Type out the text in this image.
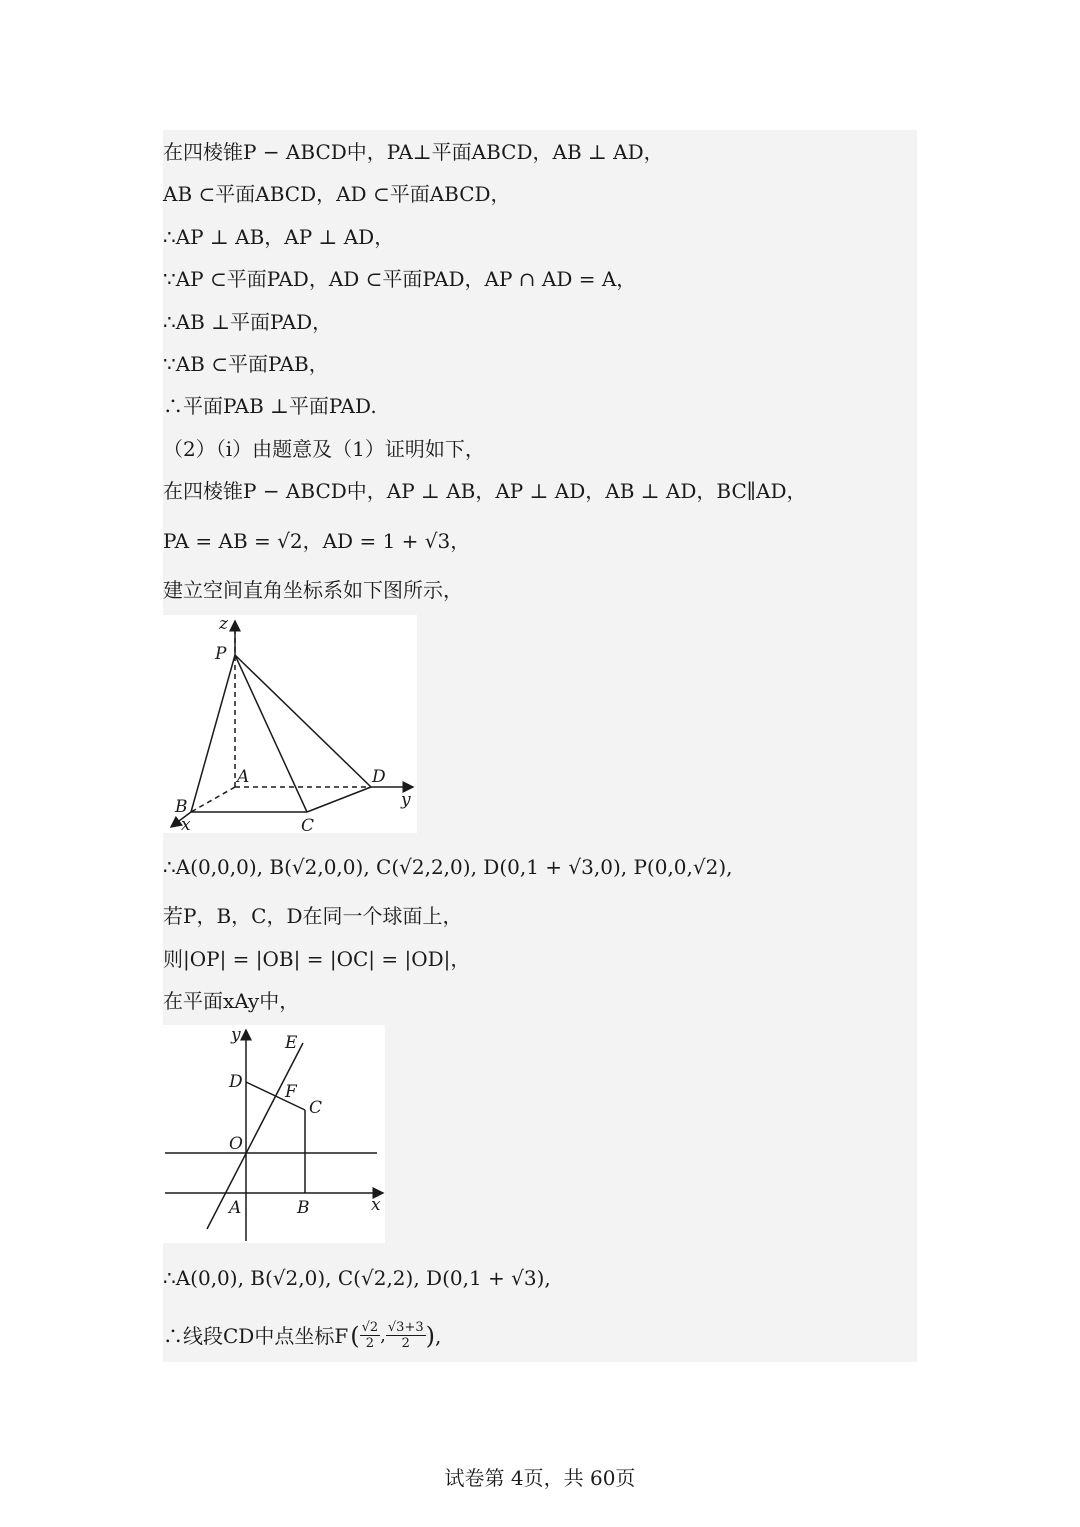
在四棱锥P − ABCD中，PA⊥平面ABCD，AB ⊥ AD，
AB ⊂平面ABCD，AD ⊂平面ABCD，
∴AP ⊥ AB，AP ⊥ AD，
∵AP ⊂平面PAD，AD ⊂平面PAD，AP ∩ AD = A，
∴AB ⊥平面PAD，
∵AB ⊂平面PAB，
∴平面PAB ⊥平面PAD.
（2）（i）由题意及（1）证明如下，
在四棱锥P − ABCD中，AP ⊥ AB，AP ⊥ AD，AB ⊥ AD，BC∥AD，
PA = AB = √2，AD = 1 + √3，
建立空间直角坐标系如下图所示，
z
P
A	D
y
B
x	C
∴A(0,0,0), B(√2,0,0), C(√2,2,0), D(0,1 + √3,0), P(0,0,√2),
若P，B，C，D在同一个球面上，
则|OP| = |OB| = |OC| = |OD|，
在平面xAy中，
y	E
D F
C
O
A	B	x
∴A(0,0), B(√2,0), C(√2,2), D(0,1 + √3),
∴线段CD中点坐标F ( $\frac{√2}{2}$ , $\frac{√3+3}{2}$ ) ,
试卷第 4页，共 60页
